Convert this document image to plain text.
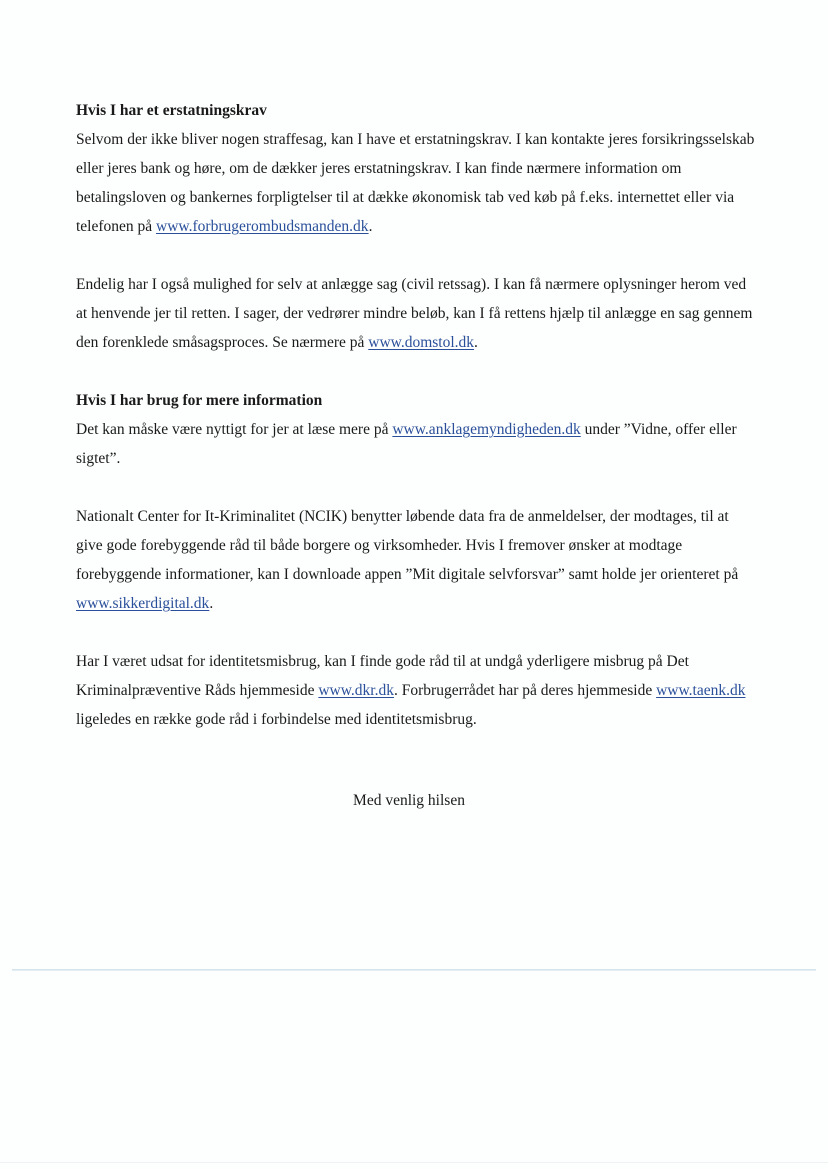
Hvis I har et erstatningskrav

Selvom der ikke bliver nogen straffesag, kan I have et erstatningskrav. I kan kontakte jeres forsikringsselskab eller jeres bank og høre, om de dækker jeres erstatningskrav. I kan finde nærmere information om betalingsloven og bankernes forpligtelser til at dække økonomisk tab ved køb på f.eks. internettet eller via telefonen på www.forbrugerombudsmanden.dk.

Endelig har I også mulighed for selv at anlægge sag (civil retssag). I kan få nærmere oplysninger herom ved at henvende jer til retten. I sager, der vedrører mindre beløb, kan I få rettens hjælp til anlægge en sag gennem den forenklede småsagsproces. Se nærmere på www.domstol.dk.

Hvis I har brug for mere information

Det kan måske være nyttigt for jer at læse mere på www.anklagemyndigheden.dk under ”Vidne, offer eller sigtet”.

Nationalt Center for It-Kriminalitet (NCIK) benytter løbende data fra de anmeldelser, der modtages, til at give gode forebyggende råd til både borgere og virksomheder. Hvis I fremover ønsker at modtage forebyggende informationer, kan I downloade appen ”Mit digitale selvforsvar” samt holde jer orienteret på www.sikkerdigital.dk.

Har I været udsat for identitetsmisbrug, kan I finde gode råd til at undgå yderligere misbrug på Det Kriminalpræventive Råds hjemmeside www.dkr.dk. Forbrugerrådet har på deres hjemmeside www.taenk.dk ligeledes en række gode råd i forbindelse med identitetsmisbrug.

Med venlig hilsen
